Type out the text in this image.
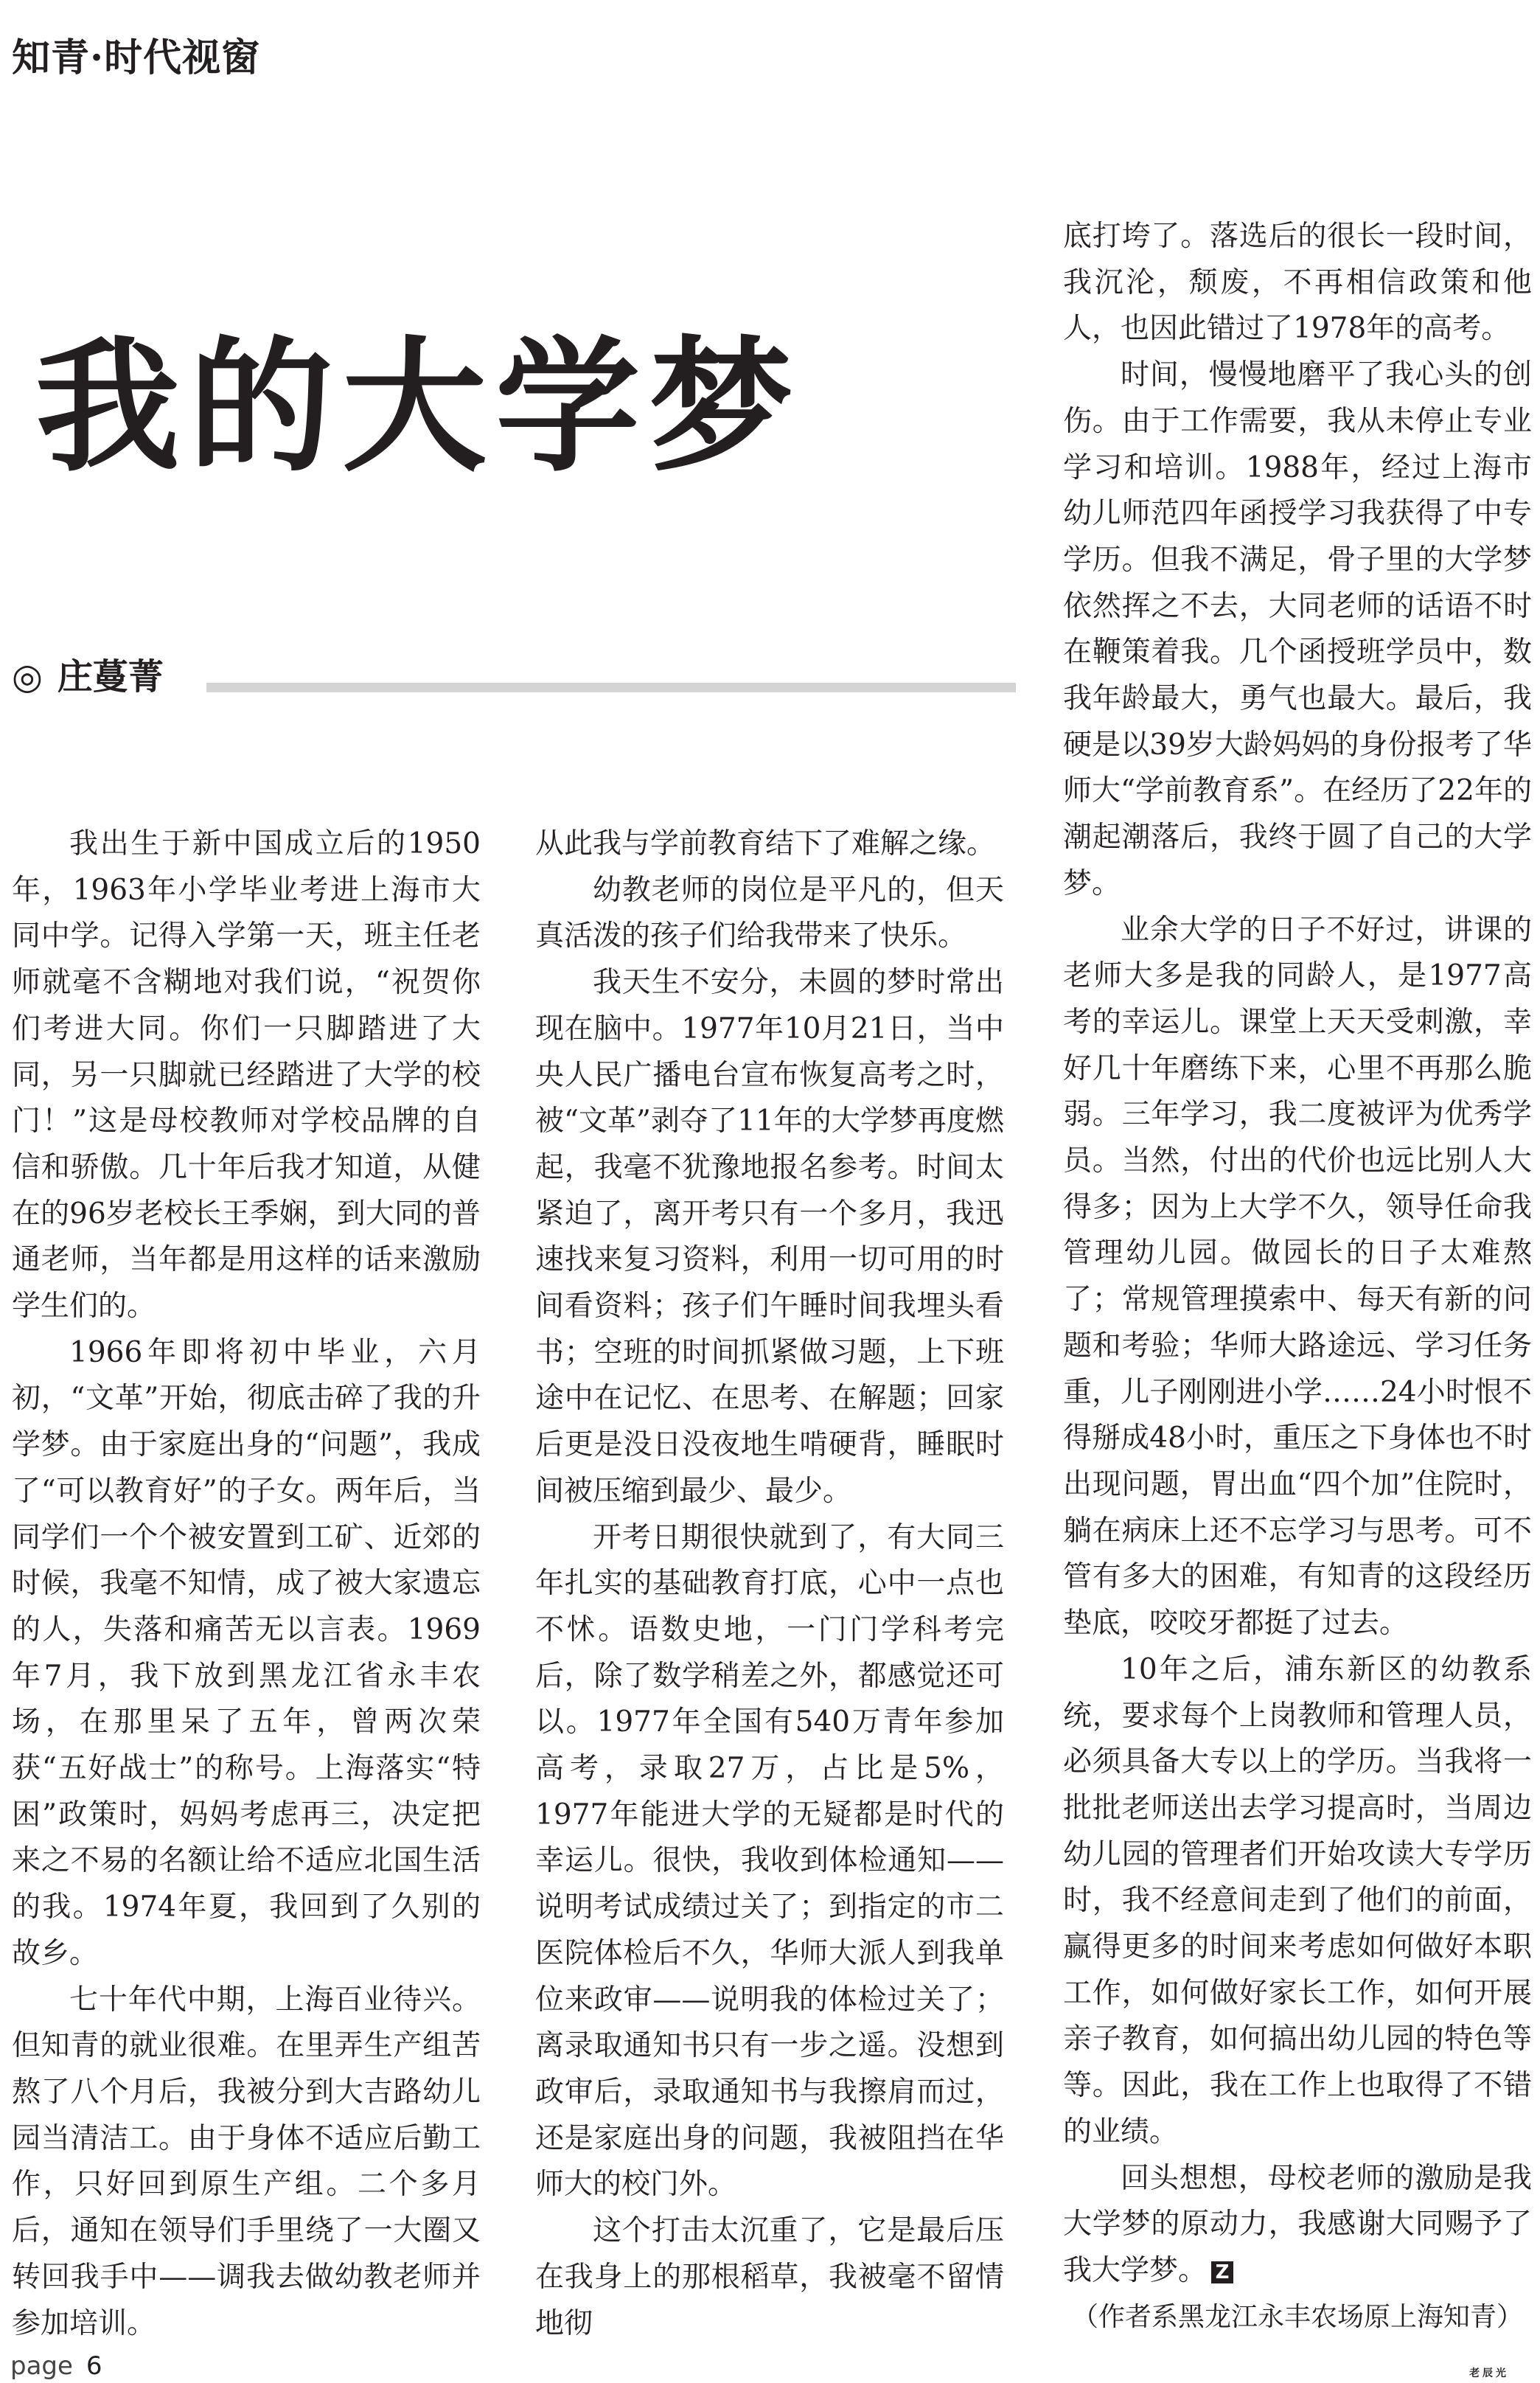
知青·时代视窗
我的大学梦
◎ 庄蔓菁

我出生于新中国成立后的1950年，1963年小学毕业考进上海市大同中学。记得入学第一天，班主任老师就毫不含糊地对我们说，“祝贺你们考进大同。你们一只脚踏进了大同，另一只脚就已经踏进了大学的校门！”这是母校教师对学校品牌的自信和骄傲。几十年后我才知道，从健在的96岁老校长王季娴，到大同的普通老师，当年都是用这样的话来激励学生们的。

1966年即将初中毕业，六月初，“文革”开始，彻底击碎了我的升学梦。由于家庭出身的“问题”，我成了“可以教育好”的子女。两年后，当同学们一个个被安置到工矿、近郊的时候，我毫不知情，成了被大家遗忘的人，失落和痛苦无以言表。1969年7月，我下放到黑龙江省永丰农场，在那里呆了五年，曾两次荣获“五好战士”的称号。上海落实“特困”政策时，妈妈考虑再三，决定把来之不易的名额让给不适应北国生活的我。1974年夏，我回到了久别的故乡。

七十年代中期，上海百业待兴。但知青的就业很难。在里弄生产组苦熬了八个月后，我被分到大吉路幼儿园当清洁工。由于身体不适应后勤工作，只好回到原生产组。二个多月后，通知在领导们手里绕了一大圈又转回我手中——调我去做幼教老师并参加培训。

从此我与学前教育结下了难解之缘。

幼教老师的岗位是平凡的，但天真活泼的孩子们给我带来了快乐。

我天生不安分，未圆的梦时常出现在脑中。1977年10月21日，当中央人民广播电台宣布恢复高考之时，被“文革”剥夺了11年的大学梦再度燃起，我毫不犹豫地报名参考。时间太紧迫了，离开考只有一个多月，我迅速找来复习资料，利用一切可用的时间看资料；孩子们午睡时间我埋头看书；空班的时间抓紧做习题，上下班途中在记忆、在思考、在解题；回家后更是没日没夜地生啃硬背，睡眠时间被压缩到最少、最少。

开考日期很快就到了，有大同三年扎实的基础教育打底，心中一点也不怵。语数史地，一门门学科考完后，除了数学稍差之外，都感觉还可以。1977年全国有540万青年参加高考，录取27万，占比是5%，1977年能进大学的无疑都是时代的幸运儿。很快，我收到体检通知——说明考试成绩过关了；到指定的市二医院体检后不久，华师大派人到我单位来政审——说明我的体检过关了；离录取通知书只有一步之遥。没想到政审后，录取通知书与我擦肩而过，还是家庭出身的问题，我被阻挡在华师大的校门外。

这个打击太沉重了，它是最后压在我身上的那根稻草，我被毫不留情地彻

底打垮了。落选后的很长一段时间，我沉沦，颓废，不再相信政策和他人，也因此错过了1978年的高考。

时间，慢慢地磨平了我心头的创伤。由于工作需要，我从未停止专业学习和培训。1988年，经过上海市幼儿师范四年函授学习我获得了中专学历。但我不满足，骨子里的大学梦依然挥之不去，大同老师的话语不时在鞭策着我。几个函授班学员中，数我年龄最大，勇气也最大。最后，我硬是以39岁大龄妈妈的身份报考了华师大“学前教育系”。在经历了22年的潮起潮落后，我终于圆了自己的大学梦。

业余大学的日子不好过，讲课的老师大多是我的同龄人，是1977高考的幸运儿。课堂上天天受刺激，幸好几十年磨练下来，心里不再那么脆弱。三年学习，我二度被评为优秀学员。当然，付出的代价也远比别人大得多；因为上大学不久，领导任命我管理幼儿园。做园长的日子太难熬了；常规管理摸索中、每天有新的问题和考验；华师大路途远、学习任务重，儿子刚刚进小学……24小时恨不得掰成48小时，重压之下身体也不时出现问题，胃出血“四个加”住院时，躺在病床上还不忘学习与思考。可不管有多大的困难，有知青的这段经历垫底，咬咬牙都挺了过去。

10年之后，浦东新区的幼教系统，要求每个上岗教师和管理人员，必须具备大专以上的学历。当我将一批批老师送出去学习提高时，当周边幼儿园的管理者们开始攻读大专学历时，我不经意间走到了他们的前面，赢得更多的时间来考虑如何做好本职工作，如何做好家长工作，如何开展亲子教育，如何搞出幼儿园的特色等等。因此，我在工作上也取得了不错的业绩。

回头想想，母校老师的激励是我大学梦的原动力，我感谢大同赐予了我大学梦。 Z

（作者系黑龙江永丰农场原上海知青）

page 6	老辰光
